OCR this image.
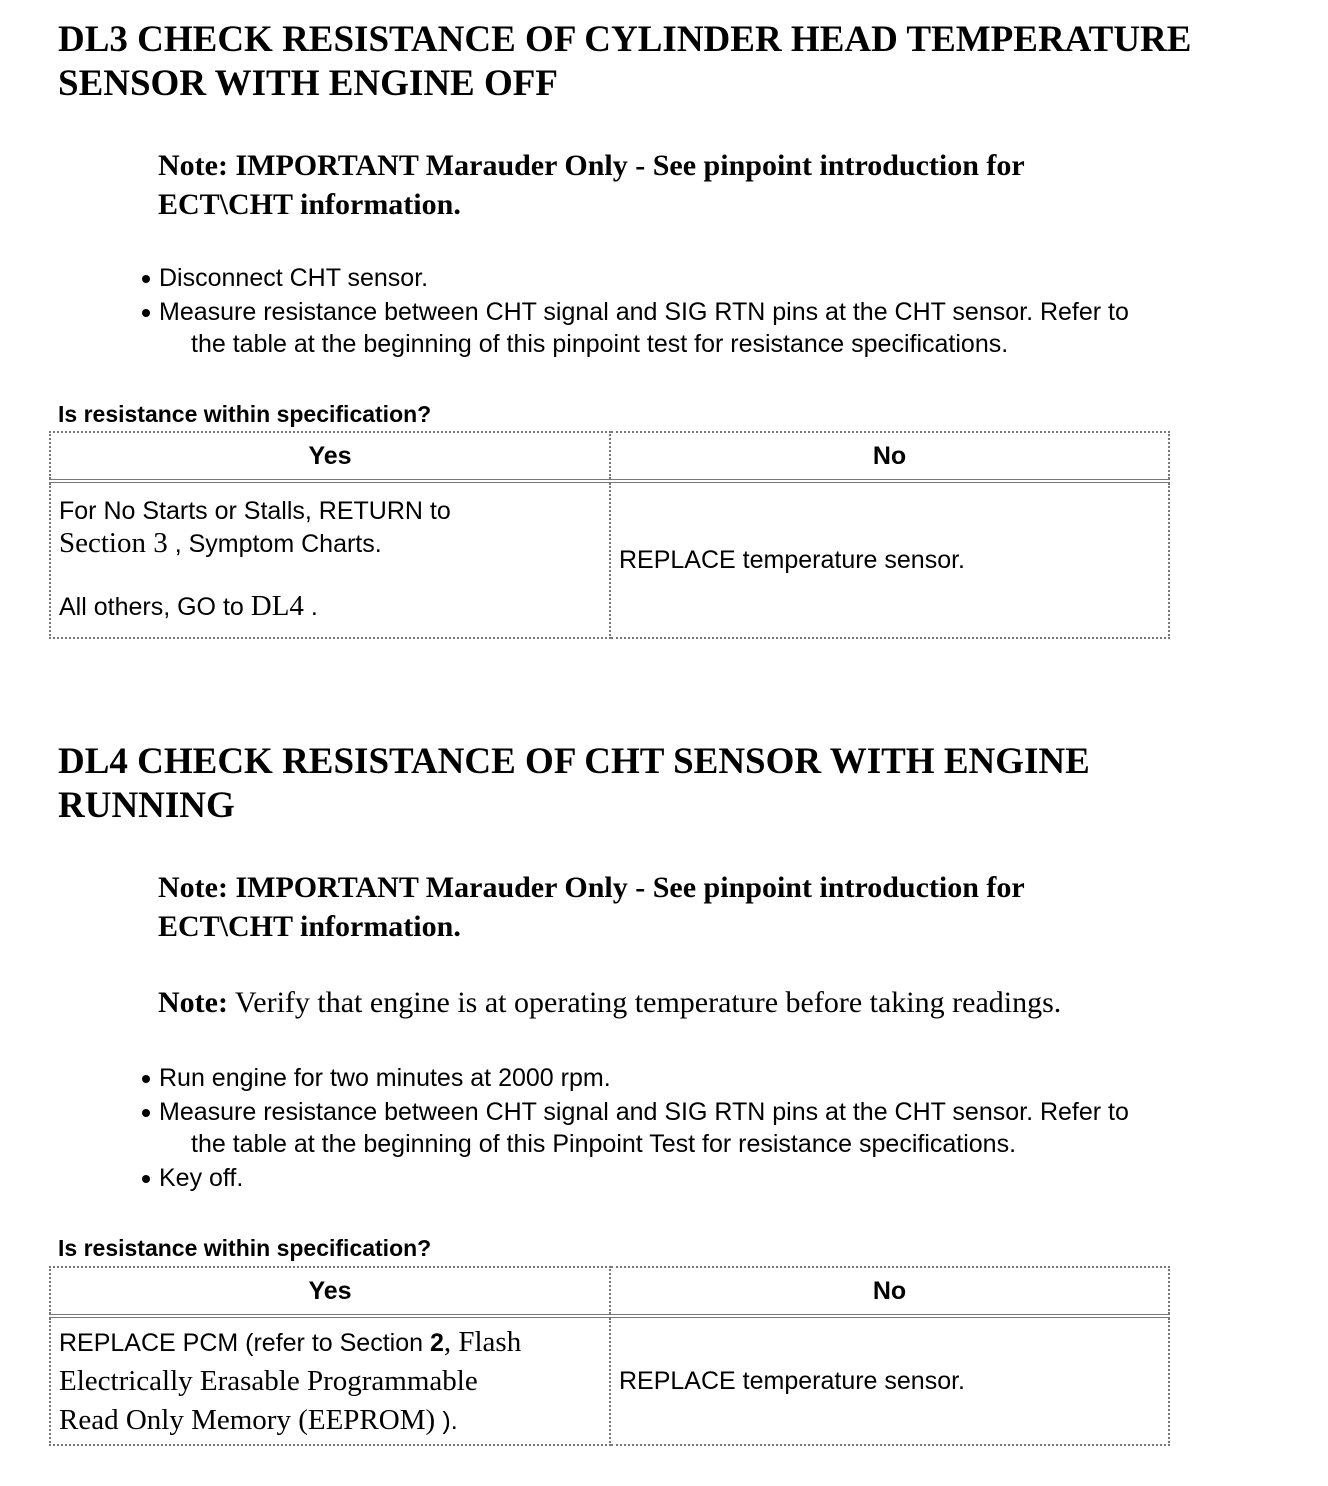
DL3 CHECK RESISTANCE OF CYLINDER HEAD TEMPERATURE
SENSOR WITH ENGINE OFF
Note: IMPORTANT Marauder Only - See pinpoint introduction for
ECT\CHT information.
Disconnect CHT sensor.
Measure resistance between CHT signal and SIG RTN pins at the CHT sensor. Refer to
the table at the beginning of this pinpoint test for resistance specifications.
Is resistance within specification?
Yes	No

For No Starts or Stalls, RETURN to
Section 3 , Symptom Charts.

All others, GO to DL4 .	REPLACE temperature sensor.
DL4 CHECK RESISTANCE OF CHT SENSOR WITH ENGINE
RUNNING
Note: IMPORTANT Marauder Only - See pinpoint introduction for
ECT\CHT information.
Note: Verify that engine is at operating temperature before taking readings.
Run engine for two minutes at 2000 rpm.
Measure resistance between CHT signal and SIG RTN pins at the CHT sensor. Refer to
the table at the beginning of this Pinpoint Test for resistance specifications.
Key off.
Is resistance within specification?
Yes	No

REPLACE PCM (refer to Section 2, Flash
Electrically Erasable Programmable
Read Only Memory (EEPROM) ).	REPLACE temperature sensor.
